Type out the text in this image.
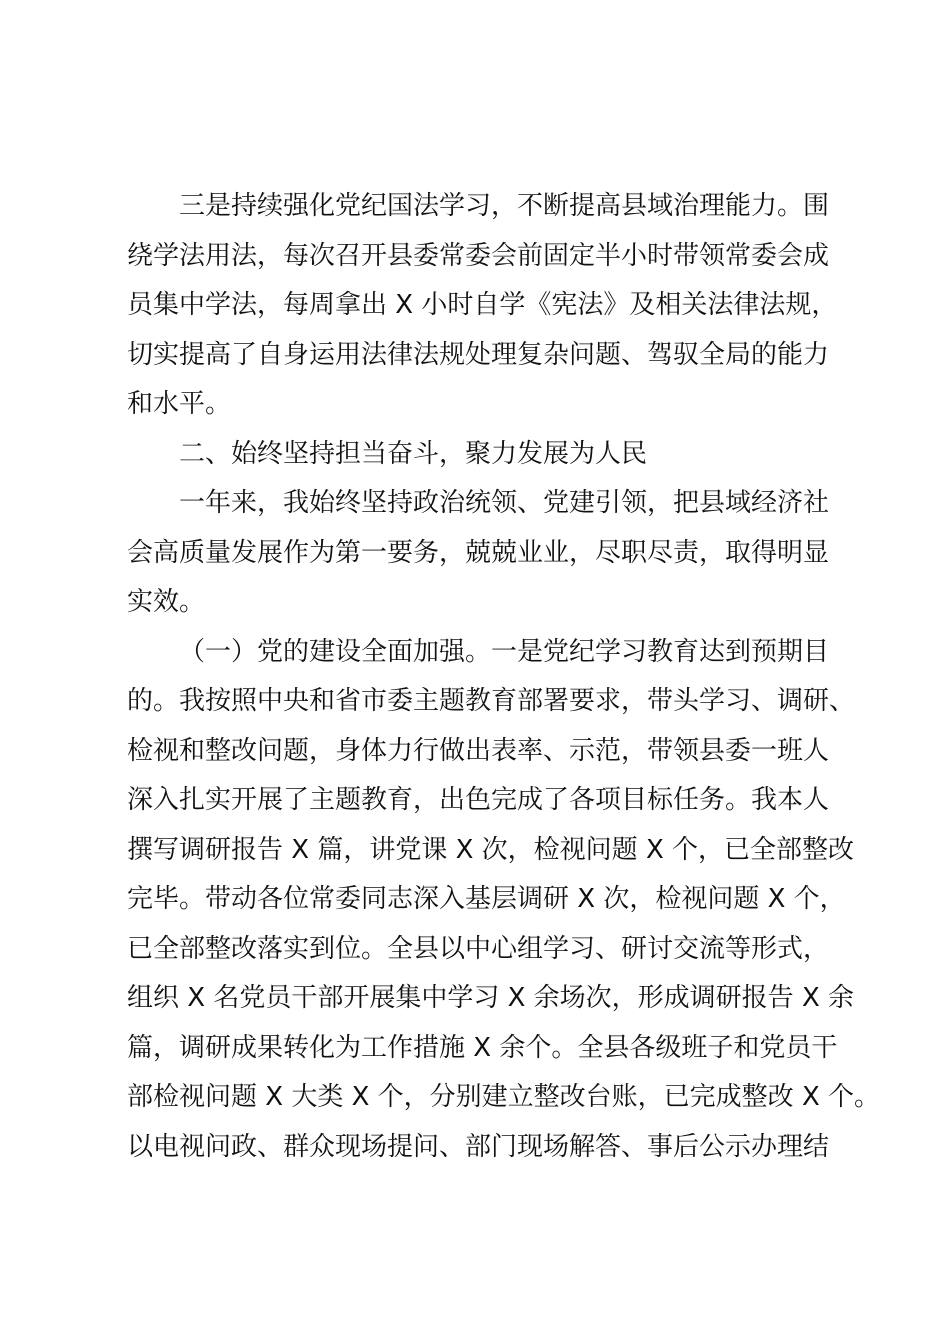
三是持续强化党纪国法学习，不断提高县域治理能力。围
绕学法用法，每次召开县委常委会前固定半小时带领常委会成
员集中学法，每周拿出 X 小时自学《宪法》及相关法律法规，
切实提高了自身运用法律法规处理复杂问题、驾驭全局的能力
和水平。
二、始终坚持担当奋斗，聚力发展为人民
一年来，我始终坚持政治统领、党建引领，把县域经济社
会高质量发展作为第一要务，兢兢业业，尽职尽责，取得明显
实效。
（一）党的建设全面加强。一是党纪学习教育达到预期目
的。我按照中央和省市委主题教育部署要求，带头学习、调研、
检视和整改问题，身体力行做出表率、示范，带领县委一班人
深入扎实开展了主题教育，出色完成了各项目标任务。我本人
撰写调研报告 X 篇，讲党课 X 次，检视问题 X 个，已全部整改
完毕。带动各位常委同志深入基层调研 X 次，检视问题 X 个，
已全部整改落实到位。全县以中心组学习、研讨交流等形式，
组织 X 名党员干部开展集中学习 X 余场次，形成调研报告 X 余
篇，调研成果转化为工作措施 X 余个。全县各级班子和党员干
部检视问题 X 大类 X 个，分别建立整改台账，已完成整改 X 个。
以电视问政、群众现场提问、部门现场解答、事后公示办理结
